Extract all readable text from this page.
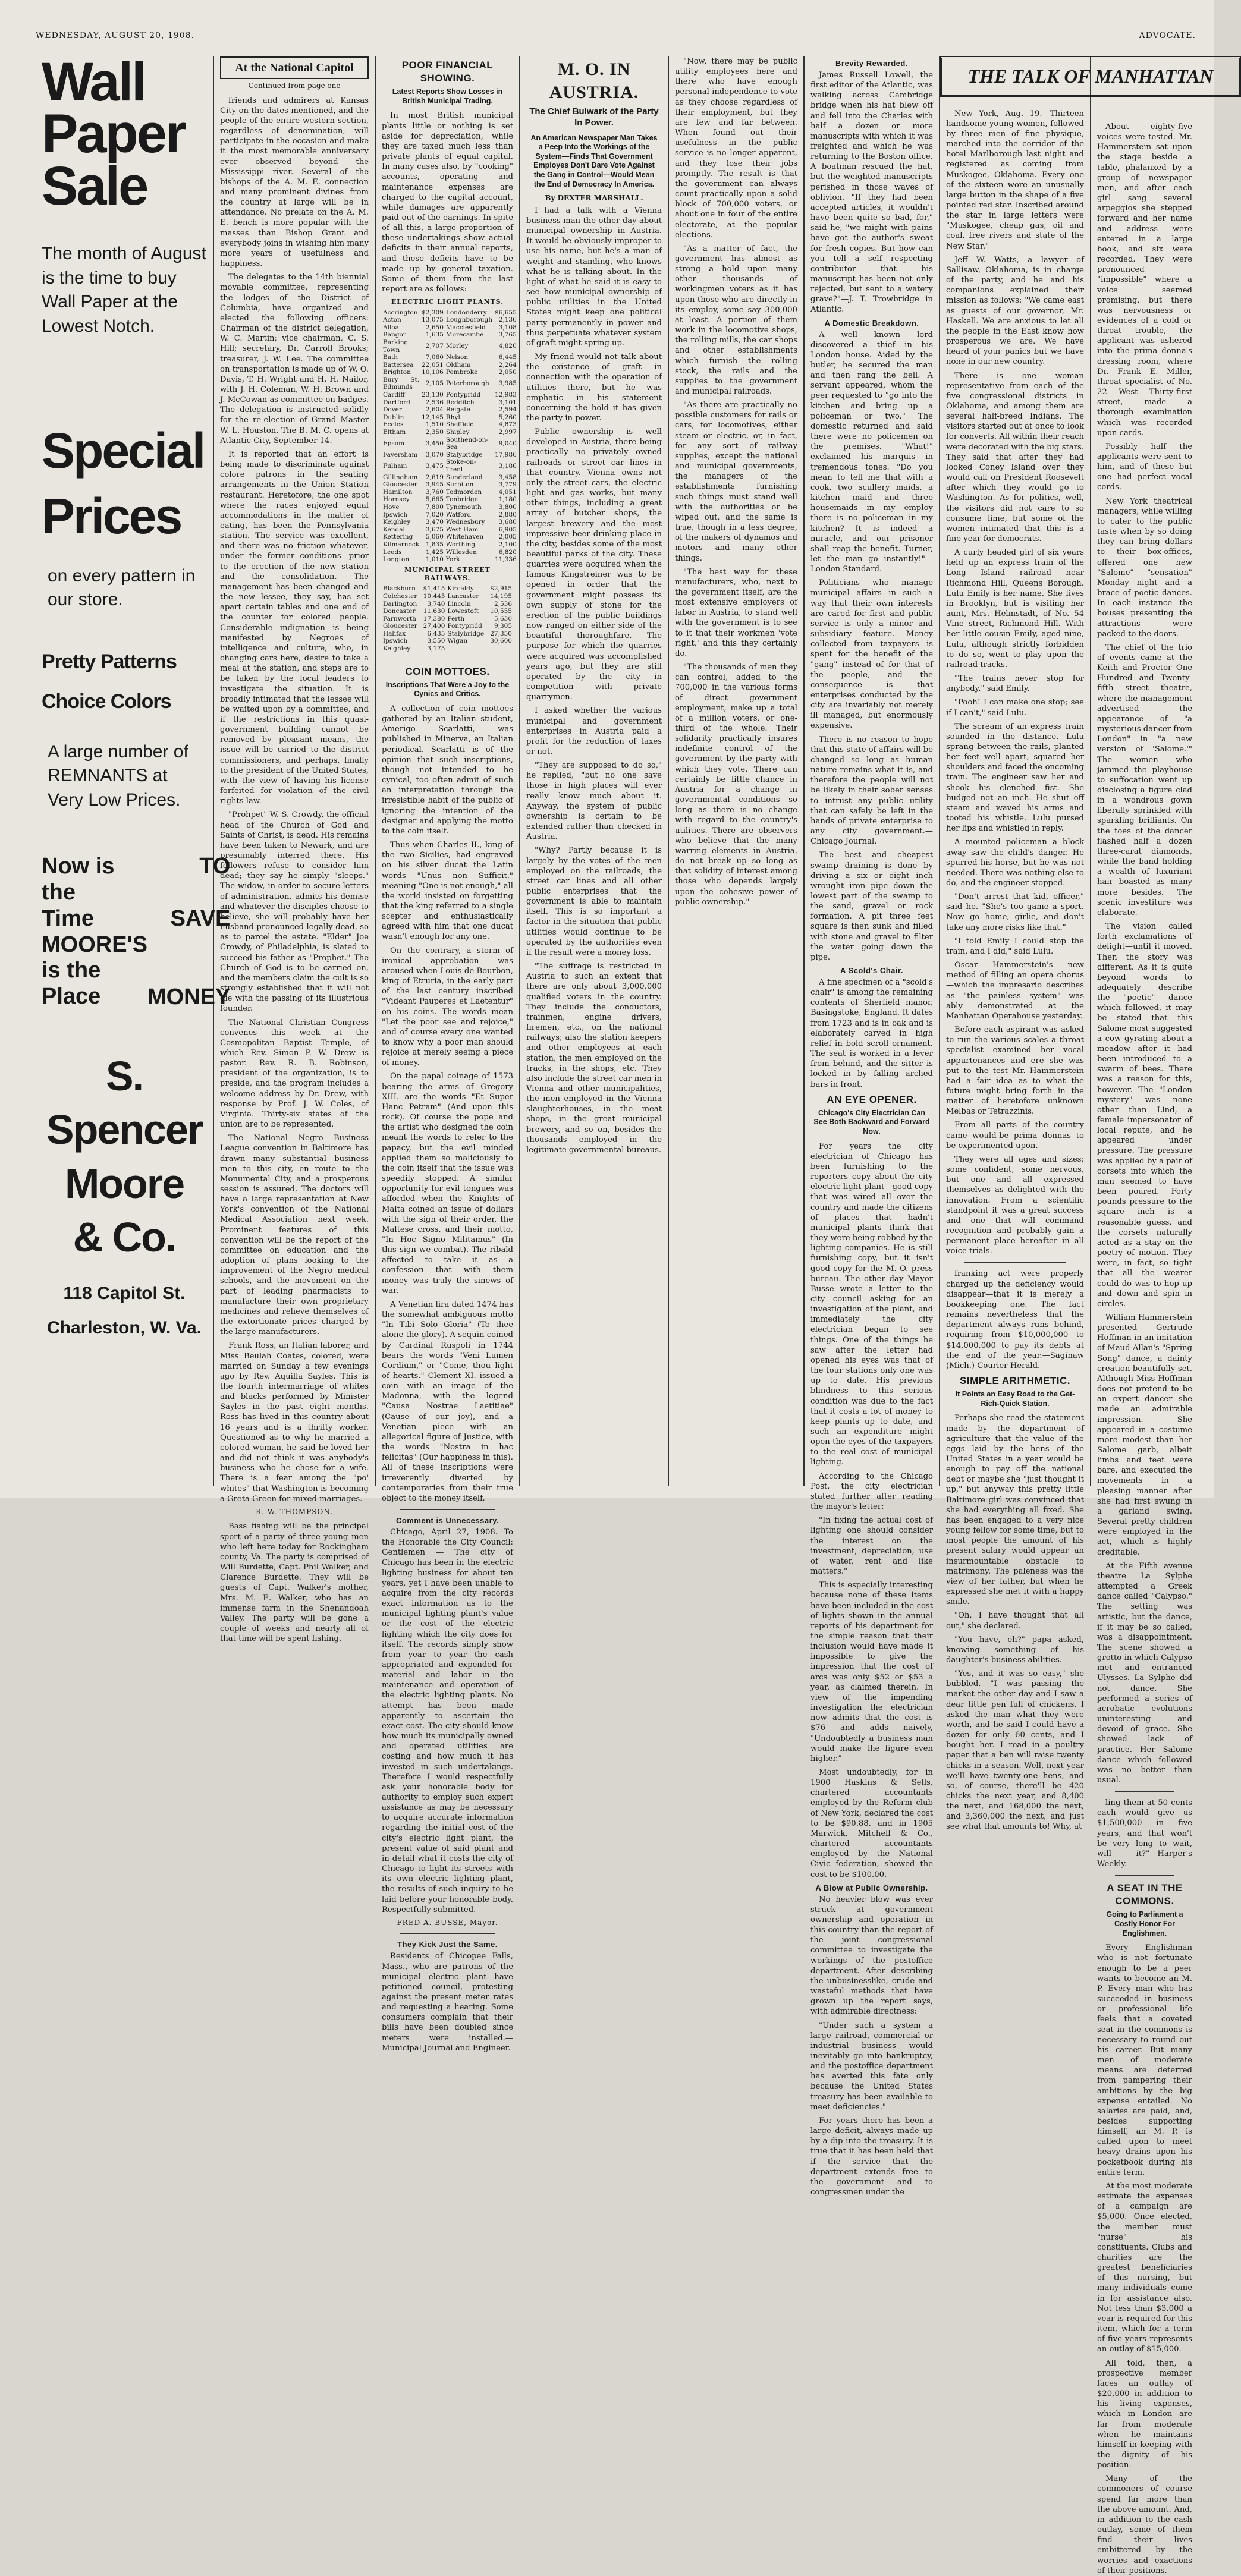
WEDNESDAY, AUGUST 20, 1908.	ADVOCATE.
Wall
Paper
Sale
The month of August is the time to buy Wall Paper at the Lowest Notch.
Special
Prices
on every pattern in our store.
Pretty Patterns
Choice Colors
A large number of REMNANTS at Very Low Prices.
Now is
the
Time
MOORE'S
is the
Place
TO
SAVE
MONEY
S.
Spencer
Moore
& Co.
118 Capitol St.
Charleston, W. Va.
At the National Capitol
Continued from page one

friends and admirers at Kansas City on the dates mentioned, and the people of the entire western section, regardless of denomination, will participate in the occasion and make it the most memorable anniversary ever observed beyond the Mississippi river. Several of the bishops of the A. M. E. connection and many prominent divines from the country at large will be in attendance. No prelate on the A. M. E. bench is more popular with the masses than Bishop Grant and everybody joins in wishing him many more years of usefulness and happiness.

The delegates to the 14th biennial movable committee, representing the lodges of the District of Columbia, have organized and elected the following officers: Chairman of the district delegation, W. C. Martin; vice chairman, C. S. Hill; secretary, Dr. Carroll Brooks; treasurer, J. W. Lee. The committee on transportation is made up of W. O. Davis, T. H. Wright and H. H. Nailor, with J. H. Coleman, W. H. Brown and J. McCowan as committee on badges. The delegation is instructed solidly for the re-election of Grand Master W. L. Houston. The B. M. C. opens at Atlantic City, September 14.

It is reported that an effort is being made to discriminate against colore patrons in the seating arrangements in the Union Station restaurant. Heretofore, the one spot where the races enjoyed equal accommodations in the matter of eating, has been the Pennsylvania station. The service was excellent, and there was no friction whatever, under the former conditions—prior to the erection of the new station and the consolidation. The management has been changed and the new lessee, they say, has set apart certain tables and one end of the counter for colored people. Considerable indignation is being manifested by Negroes of intelligence and culture, who, in changing cars here, desire to take a meal at the station, and steps are to be taken by the local leaders to investigate the situation. It is broadly intimated that the lessee will be waited upon by a committee, and if the restrictions in this quasi-government building cannot be removed by pleasant means, the issue will be carried to the district commissioners, and perhaps, finally to the president of the United States, with the view of having his license forfeited for violation of the civil rights law.

"Prohpet" W. S. Crowdy, the official head of the Church of God and Saints of Christ, is dead. His remains have been taken to Newark, and are presumably interred there. His followers refuse to consider him dead; they say he simply "sleeps." The widow, in order to secure letters of administration, admits his demise and whatever the disciples choose to believe, she will probably have her husband pronounced legally dead, so as to parcel the estate. "Elder" Joe Crowdy, of Philadelphia, is slated to succeed his father as "Prophet." The Church of God is to be carried on, and the members claim the cult is so strongly established that it will not die with the passing of its illustrious founder.

The National Christian Congress convenes this week at the Cosmopolitan Baptist Temple, of which Rev. Simon P. W. Drew is pastor. Rev. R. B. Robinson, president of the organization, is to preside, and the program includes a welcome address by Dr. Drew, with response by Prof. J. W. Coles, of Virginia. Thirty-six states of the union are to be represented.

The National Negro Business League convention in Baltimore has drawn many substantial business men to this city, en route to the Monumental City, and a prosperous session is assured. The doctors will have a large representation at New York's convention of the National Medical Association next week. Prominent features of this convention will be the report of the committee on education and the adoption of plans looking to the improvement of the Negro medical schools, and the movement on the part of leading pharmacists to manufacture their own proprietary medicines and relieve themselves of the extortionate prices charged by the large manufacturers.

Frank Ross, an Italian laborer, and Miss Beulah Coates, colored, were married on Sunday a few evenings ago by Rev. Aquilla Sayles. This is the fourth intermarriage of whites and blacks performed by Minister Sayles in the past eight months. Ross has lived in this country about 16 years and is a thrifty worker. Questioned as to why he married a colored woman, he said he loved her and did not think it was anybody's business who he chose for a wife. There is a fear among the "po' whites" that Washington is becoming a Greta Green for mixed marriages.

R. W. THOMPSON.

Bass fishing will be the principal sport of a party of three young men who left here today for Rockingham county, Va. The party is comprised of Will Burdette, Capt. Phil Walker, and Clarence Burdette. They will be guests of Capt. Walker's mother, Mrs. M. E. Walker, who has an immense farm in the Shenandoah Valley. The party will be gone a couple of weeks and nearly all of that time will be spent fishing.

POOR FINANCIAL SHOWING.
Latest Reports Show Losses in British Municipal Trading.

In most British municipal plants little or nothing is set aside for depreciation, while they are taxed much less than private plants of equal capital. In many cases also, by "cooking" accounts, operating and maintenance expenses are charged to the capital account, while damages are apparently paid out of the earnings. In spite of all this, a large proportion of these undertakings show actual deficits in their annual reports, and these deficits have to be made up by general taxation. Some of them from the last report are as follows:

ELECTRIC LIGHT PLANTS.
Accrington	$2,309	Londonderry	$6,655
Acton	13,075	Loughborough	2,136
Alloa	2,650	Macclesfield	3,108
Bangor	1,635	Morecambe	3,765
Barking Town	2,707	Morley	4,820
Bath	7,060	Nelson	6,445
Battersea	22,051	Oldham	2,264
Brighton	10,106	Pembroke	2,050
Bury St. Edmunds	2,105	Peterborough	3,985
Cardiff	23,130	Pontypridd	12,983
Dartford	2,536	Redditch	3,101
Dover	2,604	Reigate	2,594
Dublin	12,145	Rhyl	5,260
Eccles	1,510	Sheffield	4,873
Eltham	2,350	Shipley	2,997
Epsom	3,450	Southend-on-Sea	9,040
Faversham	3,070	Stalybridge	17,986
Fulham	3,475	Stoke-on-Trent	3,186
Gillingham	2,619	Sunderland	3,458
Gloucester	3,945	Surbiton	3,779
Hamilton	3,760	Todmorden	4,051
Hornsey	5,665	Tonbridge	1,180
Hove	7,800	Tynemouth	3,800
Ipswich	7,020	Watford	2,880
Keighley	3,470	Wednesbury	3,680
Kendal	3,675	West Ham	6,905
Kettering	5,060	Whitehaven	2,005
Kilmarnock	1,835	Worthing	2,100
Leeds	1,425	Willesden	6,820
Longton	1,010	York	11,336
MUNICIPAL STREET RAILWAYS.
Blackburn	$1,415	Kircaldy	$2,915
Colchester	10,445	Lancaster	14,195
Darlington	3,740	Lincoln	2,536
Doncaster	11,630	Lowestoft	10,555
Farnworth	17,380	Perth	5,630
Gloucester	27,400	Pontypridd	9,305
Halifax	6,435	Stalybridge	27,350
Ipswich	3,550	Wigan	30,600
Keighley	3,175		
COIN MOTTOES.
Inscriptions That Were a Joy to the Cynics and Critics.

A collection of coin mottoes gathered by an Italian student, Amerigo Scarlatti, was published in Minerva, an Italian periodical. Scarlatti is of the opinion that such inscriptions, though not intended to be cynical, too often admit of such an interpretation through the irresistible habit of the public of ignoring the intention of the designer and applying the motto to the coin itself.

Thus when Charles II., king of the two Sicilies, had engraved on his silver ducat the Latin words "Unus non Sufficit," meaning "One is not enough," all the world insisted on forgetting that the king referred to a single scepter and enthusiastically agreed with him that one ducat wasn't enough for any one.

On the contrary, a storm of ironical approbation was aroused when Louis de Bourbon, king of Etruria, in the early part of the last century inscribed "Videant Pauperes et Laetentur" on his coins. The words mean "Let the poor see and rejoice," and of course every one wanted to know why a poor man should rejoice at merely seeing a piece of money.

On the papal coinage of 1573 bearing the arms of Gregory XIII. are the words "Et Super Hanc Petram" (And upon this rock). Of course the pope and the artist who designed the coin meant the words to refer to the papacy, but the evil minded applied them so maliciously to the coin itself that the issue was speedily stopped. A similar opportunity for evil tongues was afforded when the Knights of Malta coined an issue of dollars with the sign of their order, the Maltese cross, and their motto, "In Hoc Signo Militamus" (In this sign we combat). The ribald affected to take it as a confession that with them money was truly the sinews of war.

A Venetian lira dated 1474 has the somewhat ambiguous motto "In Tibi Solo Gloria" (To thee alone the glory). A sequin coined by Cardinal Ruspoli in 1744 bears the words "Veni Lumen Cordium," or "Come, thou light of hearts." Clement XI. issued a coin with an image of the Madonna, with the legend "Causa Nostrae Laetitiae" (Cause of our joy), and a Venetian piece with an allegorical figure of Justice, with the words "Nostra in hac felicitas" (Our happiness in this). All of these inscriptions were irreverently diverted by contemporaries from their true object to the money itself.

Comment is Unnecessary.

Chicago, April 27, 1908. To the Honorable the City Council: Gentlemen — The city of Chicago has been in the electric lighting business for about ten years, yet I have been unable to acquire from the city records exact information as to the municipal lighting plant's value or the cost of the electric lighting which the city does for itself. The records simply show from year to year the cash appropriated and expended for material and labor in the maintenance and operation of the electric lighting plants. No attempt has been made apparently to ascertain the exact cost. The city should know how much its municipally owned and operated utilities are costing and how much it has invested in such undertakings. Therefore I would respectfully ask your honorable body for authority to employ such expert assistance as may be necessary to acquire accurate information regarding the initial cost of the city's electric light plant, the present value of said plant and in detail what it costs the city of Chicago to light its streets with its own electric lighting plant, the results of such inquiry to be laid before your honorable body. Respectfully submitted.

FRED A. BUSSE, Mayor.
They Kick Just the Same.

Residents of Chicopee Falls, Mass., who are patrons of the municipal electric plant have petitioned council, protesting against the present meter rates and requesting a hearing. Some consumers complain that their bills have been doubled since meters were installed.—Municipal Journal and Engineer.

M. O. IN AUSTRIA.
The Chief Bulwark of the Party In Power.
An American Newspaper Man Takes a Peep Into the Workings of the System—Finds That Government Employes Don't Dare Vote Against the Gang in Control—Would Mean the End of Democracy In America.
By DEXTER MARSHALL.

I had a talk with a Vienna business man the other day about municipal ownership in Austria. It would be obviously improper to use his name, but he's a man of weight and standing, who knows what he is talking about. In the light of what he said it is easy to see how municipal ownership of public utilities in the United States might keep one political party permanently in power and thus perpetuate whatever system of graft might spring up.

My friend would not talk about the existence of graft in connection with the operation of utilities there, but he was emphatic in his statement concerning the hold it has given the party in power.

Public ownership is well developed in Austria, there being practically no privately owned railroads or street car lines in that country. Vienna owns not only the street cars, the electric light and gas works, but many other things, including a great array of butcher shops, the largest brewery and the most impressive beer drinking place in the city, besides some of the most beautiful parks of the city. These quarries were acquired when the famous Kingstreiner was to be opened in order that the government might possess its own supply of stone for the erection of the public buildings now ranged on either side of the beautiful thoroughfare. The purpose for which the quarries were acquired was accomplished years ago, but they are still operated by the city in competition with private quarrymen.

I asked whether the various municipal and government enterprises in Austria paid a profit for the reduction of taxes or not.

"They are supposed to do so," he replied, "but no one save those in high places will ever really know much about it. Anyway, the system of public ownership is certain to be extended rather than checked in Austria.

"Why? Partly because it is largely by the votes of the men employed on the railroads, the street car lines and all other public enterprises that the government is able to maintain itself. This is so important a factor in the situation that public utilities would continue to be operated by the authorities even if the result were a money loss.

"The suffrage is restricted in Austria to such an extent that there are only about 3,000,000 qualified voters in the country. They include the conductors, trainmen, engine drivers, firemen, etc., on the national railways; also the station keepers and other employees at each station, the men employed on the tracks, in the shops, etc. They also include the street car men in Vienna and other municipalities, the men employed in the Vienna slaughterhouses, in the meat shops, in the great municipal brewery, and so on, besides the thousands employed in the legitimate governmental bureaus.

"Now, there may be public utility employees here and there who have enough personal independence to vote as they choose regardless of their employment, but they are few and far between. When found out their usefulness in the public service is no longer apparent, and they lose their jobs promptly. The result is that the government can always count practically upon a solid block of 700,000 voters, or about one in four of the entire electorate, at the popular elections.

"As a matter of fact, the government has almost as strong a hold upon many other thousands of workingmen voters as it has upon those who are directly in its employ, some say 300,000 at least. A portion of them work in the locomotive shops, the rolling mills, the car shops and other establishments which furnish the rolling stock, the rails and the supplies to the government and municipal railroads.

"As there are practically no possible customers for rails or cars, for locomotives, either steam or electric, or, in fact, for any sort of railway supplies, except the national and municipal governments, the managers of the establishments furnishing such things must stand well with the authorities or be wiped out, and the same is true, though in a less degree, of the makers of dynamos and motors and many other things.

"The best way for these manufacturers, who, next to the government itself, are the most extensive employers of labor in Austria, to stand well with the government is to see to it that their workmen 'vote right,' and this they certainly do.

"The thousands of men they can control, added to the 700,000 in the various forms of direct government employment, make up a total of a million voters, or one-third of the whole. Their solidarity practically insures indefinite control of the government by the party with which they vote. There can certainly be little chance in Austria for a change in governmental conditions so long as there is no change with regard to the country's utilities. There are observers who believe that the many warring elements in Austria, do not break up so long as that solidity of interest among those who depends largely upon the cohesive power of public ownership."

Brevity Rewarded.

James Russell Lowell, the first editor of the Atlantic, was walking across Cambridge bridge when his hat blew off and fell into the Charles with half a dozen or more manuscripts with which it was freighted and which he was returning to the Boston office. A boatman rescued the hat, but the weighted manuscripts perished in those waves of oblivion. "If they had been accepted articles, it wouldn't have been quite so bad, for," said he, "we might with pains have got the author's sweat for fresh copies. But how can you tell a self respecting contributor that his manuscript has been not only rejected, but sent to a watery grave?"—J. T. Trowbridge in Atlantic.

A Domestic Breakdown.

A well known lord discovered a thief in his London house. Aided by the butler, he secured the man and then rang the bell. A servant appeared, whom the peer requested to "go into the kitchen and bring up a policeman or two." The domestic returned and said there were no policemen on the premises. "What!" exclaimed his marquis in tremendous tones. "Do you mean to tell me that with a cook, two scullery maids, a kitchen maid and three housemaids in my employ there is no policeman in my kitchen? It is indeed a miracle, and our prisoner shall reap the benefit. Turner, let the man go instantly!"—London Standard.

Politicians who manage municipal affairs in such a way that their own interests are cared for first and public service is only a minor and subsidiary feature. Money collected from taxpayers is spent for the benefit of the "gang" instead of for that of the people, and the consequence is that enterprises conducted by the city are invariably not merely ill managed, but enormously expensive.

There is no reason to hope that this state of affairs will be changed so long as human nature remains what it is, and therefore the people will not be likely in their sober senses to intrust any public utility that can safely be left in the hands of private enterprise to any city government.—Chicago Journal.

The best and cheapest swamp draining is done by driving a six or eight inch wrought iron pipe down the lowest part of the swamp to the sand, gravel or rock formation. A pit three feet square is then sunk and filled with stone and gravel to filter the water going down the pipe.

A Scold's Chair.

A fine specimen of a "scold's chair" is among the remaining contents of Sherfield manor, Basingstoke, England. It dates from 1723 and is in oak and is elaborately carved in high relief in bold scroll ornament. The seat is worked in a lever from behind, and the sitter is locked in by falling arched bars in front.

AN EYE OPENER.
Chicago's City Electrician Can See Both Backward and Forward Now.

For years the city electrician of Chicago has been furnishing to the reporters copy about the city electric light plant—good copy that was wired all over the country and made the citizens of places that hadn't municipal plants think that they were being robbed by the lighting companies. He is still furnishing copy, but it isn't good copy for the M. O. press bureau. The other day Mayor Busse wrote a letter to the city council asking for an investigation of the plant, and immediately the city electrician began to see things. One of the things he saw after the letter had opened his eyes was that of the four stations only one was up to date. His previous blindness to this serious condition was due to the fact that it costs a lot of money to keep plants up to date, and such an expenditure might open the eyes of the taxpayers to the real cost of municipal lighting.

According to the Chicago Post, the city electrician stated further after reading the mayor's letter:

"In fixing the actual cost of lighting one should consider the interest on the investment, depreciation, use of water, rent and like matters."

This is especially interesting because none of these items have been included in the cost of lights shown in the annual reports of his department for the simple reason that their inclusion would have made it impossible to give the impression that the cost of arcs was only $52 or $53 a year, as claimed therein. In view of the impending investigation the electrician now admits that the cost is $76 and adds naively, "Undoubtedly a business man would make the figure even higher."

Most undoubtedly, for in 1900 Haskins & Sells, chartered accountants employed by the Reform club of New York, declared the cost to be $90.88, and in 1905 Marwick, Mitchell & Co., chartered accountants employed by the National Civic federation, showed the cost to be $100.00.

A Blow at Public Ownership.

No heavier blow was ever struck at government ownership and operation in this country than the report of the joint congressional committee to investigate the workings of the postoffice department. After describing the unbusinesslike, crude and wasteful methods that have grown up the report says, with admirable directness:

"Under such a system a large railroad, commercial or industrial business would inevitably go into bankruptcy, and the postoffice department has averted this fate only because the United States treasury has been available to meet deficiencies."

For years there has been a large deficit, always made up by a dip into the treasury. It is true that it has been held that if the service that the department extends free to the government and to congressmen under the

THE TALK OF MANHATTAN

New York, Aug. 19.—Thirteen handsome young women, followed by three men of fine physique, marched into the corridor of the hotel Marlborough last night and registered as coming from Muskogee, Oklahoma. Every one of the sixteen wore an unusually large button in the shape of a five pointed red star. Inscribed around the star in large letters were "Muskogee, cheap gas, oil and coal, free rivers and state of the New Star."

Jeff W. Watts, a lawyer of Sallisaw, Oklahoma, is in charge of the party, and he and his companions explained their mission as follows: "We came east as guests of our governor, Mr. Haskell. We are anxious to let all the people in the East know how prosperous we are. We have heard of your panics but we have none in our new country.

There is one woman representative from each of the five congressional districts in Oklahoma, and among them are several half-breed Indians. The visitors started out at once to look for converts. All within their reach were decorated with the big stars. They said that after they had looked Coney Island over they would call on President Roosevelt after which they would go to Washington. As for politics, well, the visitors did not care to so consume time, but some of the women intimated that this is a fine year for democrats.

A curly headed girl of six years held up an express train of the Long Island railroad near Richmond Hill, Queens Borough. Lulu Emily is her name. She lives in Brooklyn, but is visiting her aunt, Mrs. Helmstadt, of No. 54 Vine street, Richmond Hill. With her little cousin Emily, aged nine, Lulu, although strictly forbidden to do so, went to play upon the railroad tracks.

"The trains never stop for anybody," said Emily.

"Pooh! I can make one stop; see if I can't," said Lulu.

The scream of an express train sounded in the distance. Lulu sprang between the rails, planted her feet well apart, squared her shoulders and faced the oncoming train. The engineer saw her and shook his clenched fist. She budged not an inch. He shut off steam and waved his arms and tooted his whistle. Lulu pursed her lips and whistled in reply.

A mounted policeman a block away saw the child's danger. He spurred his horse, but he was not needed. There was nothing else to do, and the engineer stopped.

"Don't arrest that kid, officer," said he. "She's too game a sport. Now go home, girlie, and don't take any more risks like that."

"I told Emily I could stop the train, and I did," said Lulu.

Oscar Hammerstein's new method of filling an opera chorus—which the impresario describes as "the painless system"—was ably demonstrated at the Manhattan Operahouse yesterday.

Before each aspirant was asked to run the various scales a throat specialist examined her vocal appurtenances and ere she was put to the test Mr. Hammerstein had a fair idea as to what the future might bring forth in the matter of heretofore unknown Melbas or Tetrazzinis.

From all parts of the country came would-be prima donnas to be experimented upon.

They were all ages and sizes; some confident, some nervous, but one and all expressed themselves as delighted with the innovation. From a scientific standpoint it was a great success and one that will command recognition and probably gain a permanent place hereafter in all voice trials.

franking act were properly charged up the deficiency would disappear—that it is merely a bookkeeping one. The fact remains nevertheless that the department always runs behind, requiring from $10,000,000 to $14,000,000 to pay its debts at the end of the year.—Saginaw (Mich.) Courier-Herald.

SIMPLE ARITHMETIC.
It Points an Easy Road to the Get-Rich-Quick Station.

Perhaps she read the statement made by the department of agriculture that the value of the eggs laid by the hens of the United States in a year would be enough to pay off the national debt or maybe she "just thought it up," but anyway this pretty little Baltimore girl was convinced that she had everything all fixed. She has been engaged to a very nice young fellow for some time, but to most people the amount of his present salary would appear an insurmountable obstacle to matrimony. The paleness was the view of her father, but when he expressed she met it with a happy smile.

"Oh, I have thought that all out," she declared.

"You have, eh?" papa asked, knowing something of his daughter's business abilities.

"Yes, and it was so easy," she bubbled. "I was passing the market the other day and I saw a dear little pen full of chickens. I asked the man what they were worth, and he said I could have a dozen for only 60 cents, and I bought her. I read in a poultry paper that a hen will raise twenty chicks in a season. Well, next year we'll have twenty-one hens, and so, of course, there'll be 420 chicks the next year, and 8,400 the next, and 168,000 the next, and 3,360,000 the next, and just see what that amounts to! Why, at

About eighty-five voices were tested. Mr. Hammerstein sat upon the stage beside a table, phalanxed by a group of newspaper men, and after each girl sang several arpeggios she stepped forward and her name and address were entered in a large book, and six were recorded. They were pronounced "impossible" where a voice seemed promising, but there was nervousness or evidences of a cold or throat trouble, the applicant was ushered into the prima donna's dressing room, where Dr. Frank E. Miller, throat specialist of No. 22 West Thirty-first street, made a thorough examination which was recorded upon cards.

Possibly half the applicants were sent to him, and of these but one had perfect vocal cords.

New York theatrical managers, while willing to cater to the public taste when by so doing they can bring dollars to their box-offices, offered one new "Salome" "sensation" Monday night and a brace of poetic dances. In each instance the houses presenting the attractions were packed to the doors.

The chief of the trio of events came at the Keith and Proctor One Hundred and Twenty-fifth street theatre, where the management advertised the appearance of "a mysterious dancer from London" in "a new version of 'Salome.'" The women who jammed the playhouse to suffocation went up disclosing a figure clad in a wondrous gown liberally sprinkled with sparkling brilliants. On the toes of the dancer flashed half a dozen three-carat diamonds, while the band holding a wealth of luxuriant hair boasted as many more besides. The scenic investiture was elaborate.

The vision called forth exclamations of delight—until it moved. Then the story was different. As it is quite beyond words to adequately describe the "poetic" dance which followed, it may be stated that this Salome most suggested a cow gyrating about a meadow after it had been introduced to a swarm of bees. There was a reason for this, however. The "London mystery" was none other than Lind, a female impersonator of local repute, and he appeared under pressure. The pressure was applied by a pair of corsets into which the man seemed to have been poured. Forty pounds pressure to the square inch is a reasonable guess, and the corsets naturally acted as a stay on the poetry of motion. They were, in fact, so tight that all the wearer could do was to hop up and down and spin in circles.

William Hammerstein presented Gertrude Hoffman in an imitation of Maud Allan's "Spring Song" dance, a dainty creation beautifully set. Although Miss Hoffman does not pretend to be an expert dancer she made an admirable impression. She appeared in a costume more modest than her Salome garb, albeit limbs and feet were bare, and executed the movements in a pleasing manner after she had first swung in a garland swing. Several pretty children were employed in the act, which is highly creditable.

At the Fifth avenue theatre La Sylphe attempted a Greek dance called "Calypso." The setting was artistic, but the dance, if it may be so called, was a disappointment. The scene showed a grotto in which Calypso met and entranced Ulysses. La Sylphe did not dance. She performed a series of acrobatic evolutions uninteresting and devoid of grace. She showed lack of practice. Her Salome dance which followed was no better than usual.

ling them at 50 cents each would give us $1,500,000 in five years, and that won't be very long to wait, will it?"—Harper's Weekly.

A SEAT IN THE COMMONS.
Going to Parliament a Costly Honor For Englishmen.

Every Englishman who is not fortunate enough to be a peer wants to become an M. P. Every man who has succeeded in business or professional life feels that a coveted seat in the commons is necessary to round out his career. But many men of moderate means are deterred from pampering their ambitions by the big expense entailed. No salaries are paid, and, besides supporting himself, an M. P. is called upon to meet heavy drains upon his pocketbook during his entire term.

At the most moderate estimate the expenses of a campaign are $5,000. Once elected, the member must "nurse" his constituents. Clubs and charities are the greatest beneficiaries of this nursing, but many individuals come in for assistance also. Not less than $3,000 a year is required for this item, which for a term of five years represents an outlay of $15,000.

All told, then, a prospective member faces an outlay of $20,000 in addition to his living expenses, which in London are far from moderate when he maintains himself in keeping with the dignity of his position.

Many of the commoners of course spend far more than the above amount. And, in addition to the cash outlay, some of them find their lives embittered by the worries and exactions of their positions.
